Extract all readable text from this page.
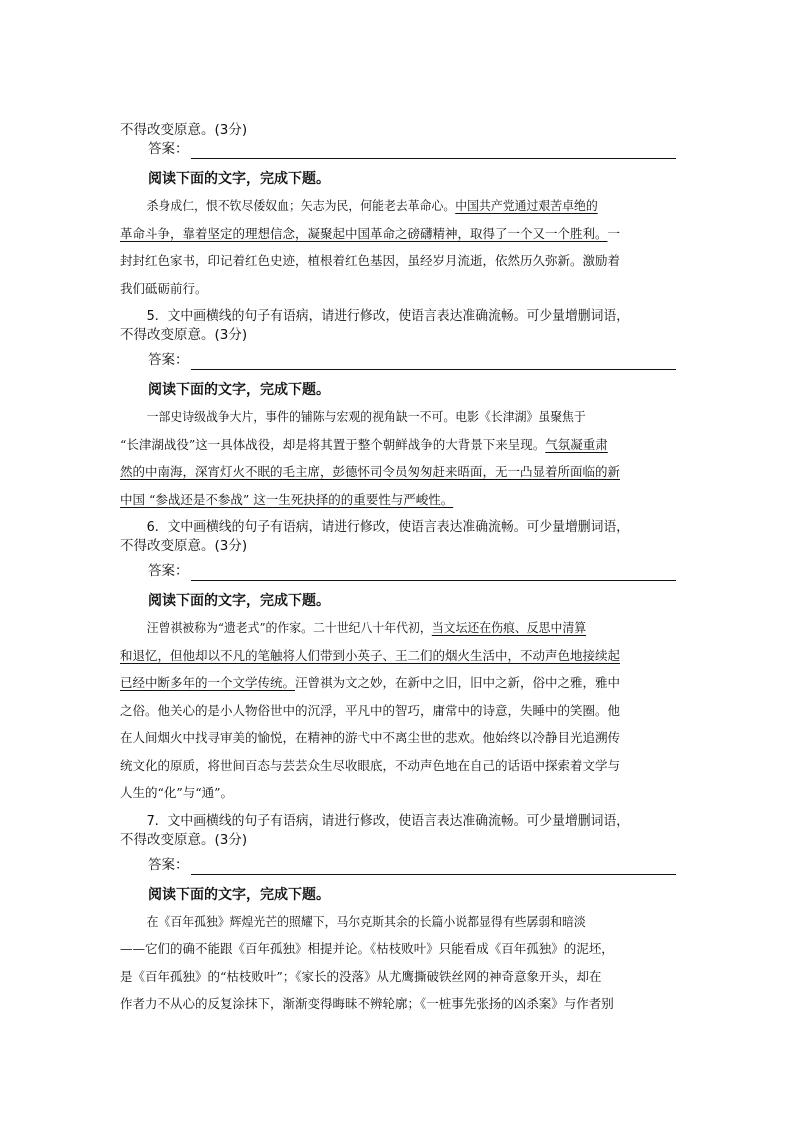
不得改变原意。(3分)
答案：
阅读下面的文字，完成下题。
杀身成仁，恨不钦尽倭奴血；矢志为民，何能老去革命心。中国共产党通过艰苦卓绝的
革命斗争，靠着坚定的理想信念，凝聚起中国革命之磅礴精神，取得了一个又一个胜利。一
封封红色家书，印记着红色史迹，植根着红色基因，虽经岁月流逝，依然历久弥新。激励着
我们砥砺前行。
5．文中画横线的句子有语病，请进行修改，使语言表达准确流畅。可少量增删词语，
不得改变原意。(3分)
答案：
阅读下面的文字，完成下题。
一部史诗级战争大片，事件的铺陈与宏观的视角缺一不可。电影《长津湖》虽聚焦于
“长津湖战役”这一具体战役，却是将其置于整个朝鲜战争的大背景下来呈现。气氛凝重肃
然的中南海，深宵灯火不眠的毛主席，彭德怀司令员匆匆赶来晤面，无一凸显着所面临的新
中国 “参战还是不参战” 这一生死抉择的的重要性与严峻性。
6．文中画横线的句子有语病，请进行修改，使语言表达准确流畅。可少量增删词语，
不得改变原意。(3分)
答案：
阅读下面的文字，完成下题。
汪曾祺被称为“遗老式”的作家。二十世纪八十年代初，当文坛还在伤痕、反思中清算
和退忆，但他却以不凡的笔触将人们带到小英子、王二们的烟火生活中，不动声色地接续起
已经中断多年的一个文学传统。汪曾祺为文之妙，在新中之旧，旧中之新，俗中之雅，雅中
之俗。他关心的是小人物俗世中的沉浮，平凡中的智巧，庸常中的诗意，失睡中的笑圈。他
在人间烟火中找寻审美的愉悦，在精神的游弋中不离尘世的悲欢。他始终以冷静目光追溯传
统文化的原质，将世间百态与芸芸众生尽收眼底，不动声色地在自己的话语中探索着文学与
人生的“化”与“通”。
7．文中画横线的句子有语病，请进行修改，使语言表达准确流畅。可少量增删词语，
不得改变原意。(3分)
答案：
阅读下面的文字，完成下题。
在《百年孤独》辉煌光芒的照耀下，马尔克斯其余的长篇小说都显得有些孱弱和暗淡
——它们的确不能跟《百年孤独》相提并论。《枯枝败叶》只能看成《百年孤独》的泥坯，
是《百年孤独》的“枯枝败叶”；《家长的没落》从尤鹰撕破铁丝网的神奇意象开头，却在
作者力不从心的反复涂抹下，渐渐变得晦昧不辨轮廓；《一桩事先张扬的凶杀案》与作者别
